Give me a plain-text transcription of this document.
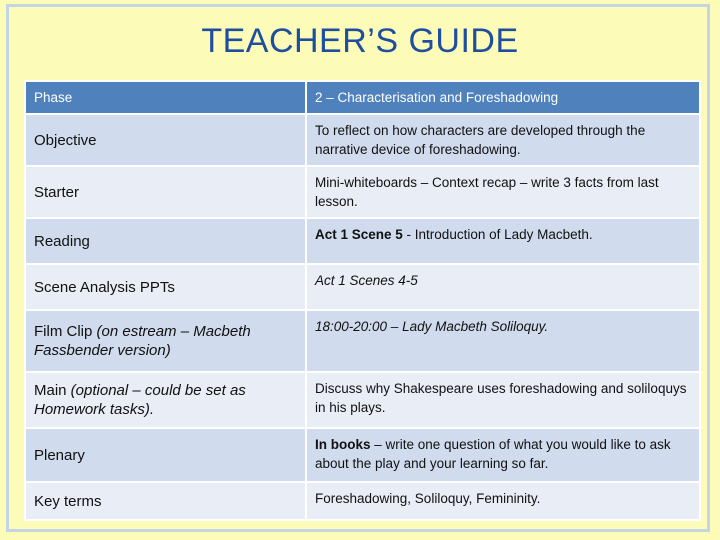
TEACHER’S GUIDE
Phase	2 – Characterisation and Foreshadowing
Objective	To reflect on how characters are developed through the narrative device of foreshadowing.
Starter	Mini-whiteboards – Context recap – write 3 facts from last lesson.
Reading	Act 1 Scene 5 - Introduction of Lady Macbeth.
Scene Analysis PPTs	Act 1 Scenes 4-5
Film Clip (on estream – Macbeth Fassbender version)	18:00-20:00 – Lady Macbeth Soliloquy.
Main (optional – could be set as Homework tasks).	Discuss why Shakespeare uses foreshadowing and soliloquys in his plays.
Plenary	In books – write one question of what you would like to ask about the play and your learning so far.
Key terms	Foreshadowing, Soliloquy, Femininity.
